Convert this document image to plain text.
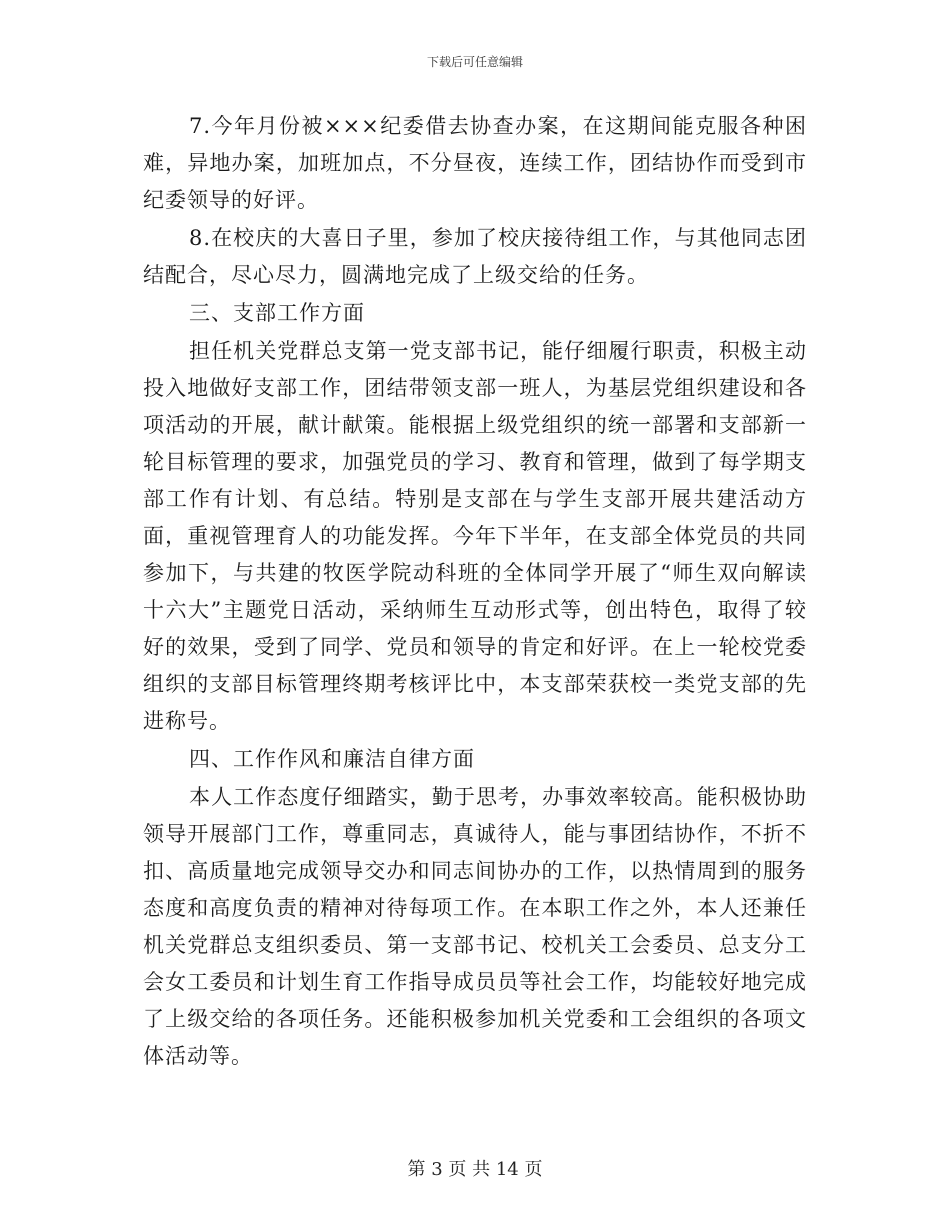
下载后可任意编辑

7.今年月份被×××纪委借去协查办案，在这期间能克服各种困难，异地办案，加班加点，不分昼夜，连续工作，团结协作而受到市纪委领导的好评。

8.在校庆的大喜日子里，参加了校庆接待组工作，与其他同志团结配合，尽心尽力，圆满地完成了上级交给的任务。

三、支部工作方面

担任机关党群总支第一党支部书记，能仔细履行职责，积极主动投入地做好支部工作，团结带领支部一班人，为基层党组织建设和各项活动的开展，献计献策。能根据上级党组织的统一部署和支部新一轮目标管理的要求，加强党员的学习、教育和管理，做到了每学期支部工作有计划、有总结。特别是支部在与学生支部开展共建活动方面，重视管理育人的功能发挥。今年下半年，在支部全体党员的共同参加下，与共建的牧医学院动科班的全体同学开展了“师生双向解读十六大”主题党日活动，采纳师生互动形式等，创出特色，取得了较好的效果，受到了同学、党员和领导的肯定和好评。在上一轮校党委组织的支部目标管理终期考核评比中，本支部荣获校一类党支部的先进称号。

四、工作作风和廉洁自律方面

本人工作态度仔细踏实，勤于思考，办事效率较高。能积极协助领导开展部门工作，尊重同志，真诚待人，能与事团结协作，不折不扣、高质量地完成领导交办和同志间协办的工作，以热情周到的服务态度和高度负责的精神对待每项工作。在本职工作之外，本人还兼任机关党群总支组织委员、第一支部书记、校机关工会委员、总支分工会女工委员和计划生育工作指导成员员等社会工作，均能较好地完成了上级交给的各项任务。还能积极参加机关党委和工会组织的各项文体活动等。

第 3 页 共 14 页
